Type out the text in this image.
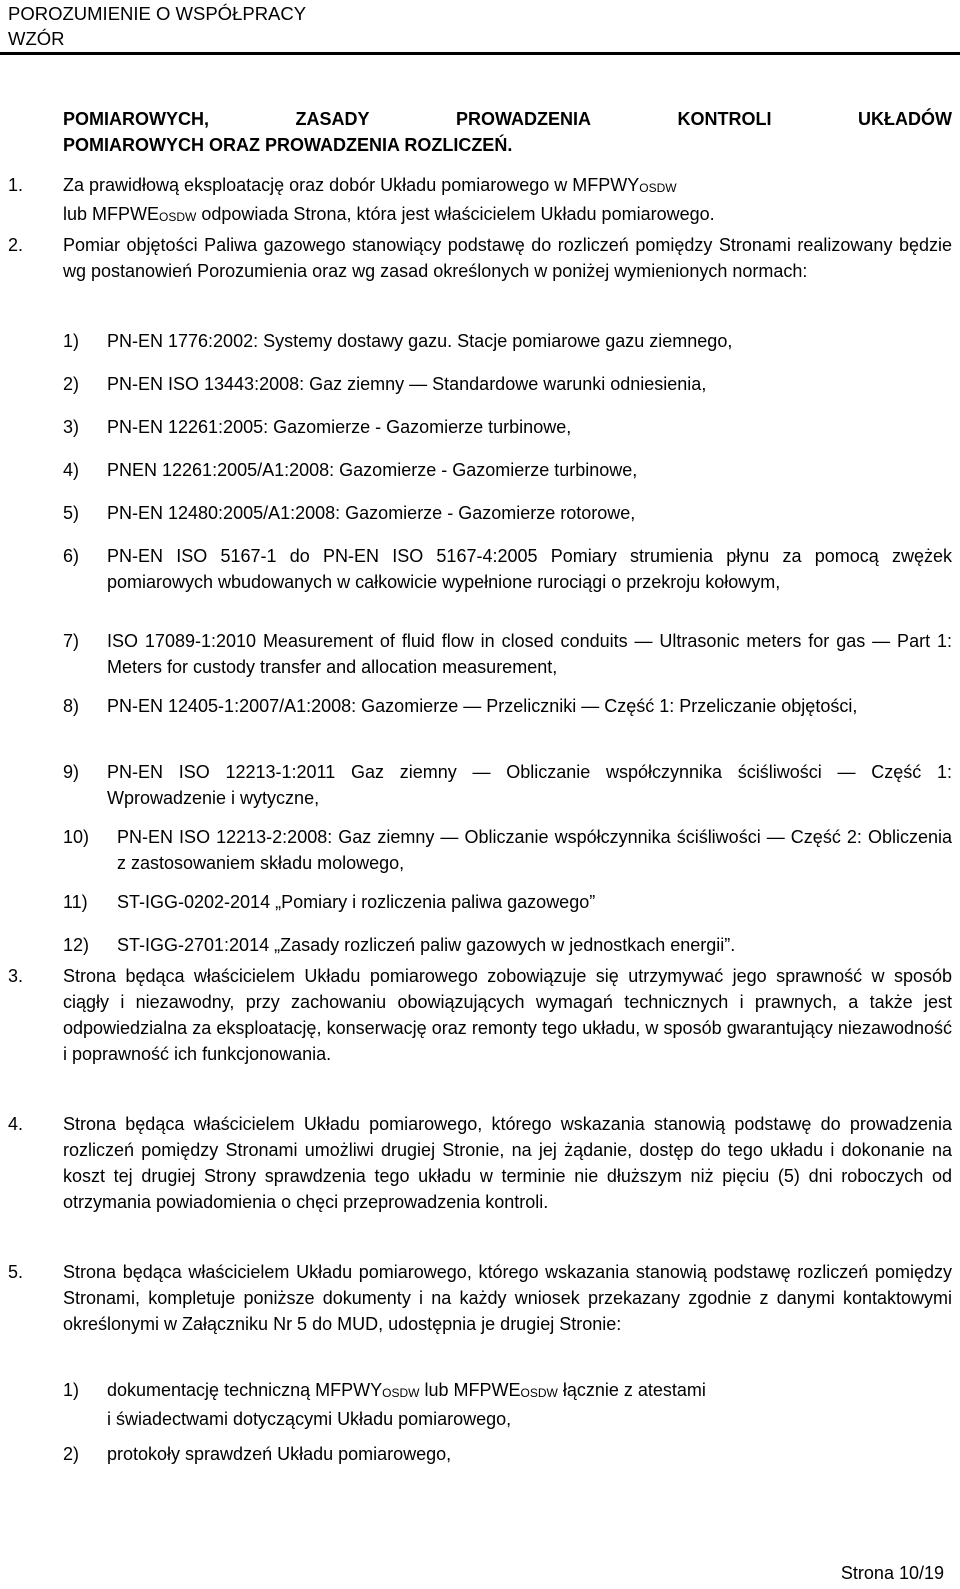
POROZUMIENIE O WSPÓŁPRACY
WZÓR
POMIAROWYCH,	ZASADY	PROWADZENIA	KONTROLI	UKŁADÓW
POMIAROWYCH ORAZ PROWADZENIA ROZLICZEŃ.
1. Za prawidłową eksploatację oraz dobór Układu pomiarowego w $MFPWY_{OSDW}$
lub $MFPWE_{OSDW}$ odpowiada Strona, która jest właścicielem Układu pomiarowego.
2. Pomiar objętości Paliwa gazowego stanowiący podstawę do rozliczeń pomiędzy Stronami realizowany będzie wg postanowień Porozumienia oraz wg zasad określonych w poniżej wymienionych normach:
1) PN-EN 1776:2002: Systemy dostawy gazu. Stacje pomiarowe gazu ziemnego,
2) PN-EN ISO 13443:2008: Gaz ziemny — Standardowe warunki odniesienia,
3) PN-EN 12261:2005: Gazomierze - Gazomierze turbinowe,
4) PNEN 12261:2005/A1:2008: Gazomierze - Gazomierze turbinowe,
5) PN-EN 12480:2005/A1:2008: Gazomierze - Gazomierze rotorowe,
6) PN-EN ISO 5167-1 do PN-EN ISO 5167-4:2005 Pomiary strumienia płynu za pomocą zwężek pomiarowych wbudowanych w całkowicie wypełnione rurociągi o przekroju kołowym,
7) ISO 17089-1:2010 Measurement of fluid flow in closed conduits — Ultrasonic meters for gas — Part 1: Meters for custody transfer and allocation measurement,
8) PN-EN 12405-1:2007/A1:2008: Gazomierze — Przeliczniki — Część 1: Przeliczanie objętości,
9) PN-EN ISO 12213-1:2011 Gaz ziemny — Obliczanie współczynnika ściśliwości — Część 1: Wprowadzenie i wytyczne,
10) PN-EN ISO 12213-2:2008: Gaz ziemny — Obliczanie współczynnika ściśliwości — Część 2: Obliczenia z zastosowaniem składu molowego,
11) ST-IGG-0202-2014 „Pomiary i rozliczenia paliwa gazowego”
12) ST-IGG-2701:2014 „Zasady rozliczeń paliw gazowych w jednostkach energii”.
3. Strona będąca właścicielem Układu pomiarowego zobowiązuje się utrzymywać jego sprawność w sposób ciągły i niezawodny, przy zachowaniu obowiązujących wymagań technicznych i prawnych, a także jest odpowiedzialna za eksploatację, konserwację oraz remonty tego układu, w sposób gwarantujący niezawodność i poprawność ich funkcjonowania.
4. Strona będąca właścicielem Układu pomiarowego, którego wskazania stanowią podstawę do prowadzenia rozliczeń pomiędzy Stronami umożliwi drugiej Stronie, na jej żądanie, dostęp do tego układu i dokonanie na koszt tej drugiej Strony sprawdzenia tego układu w terminie nie dłuższym niż pięciu (5) dni roboczych od otrzymania powiadomienia o chęci przeprowadzenia kontroli.
5. Strona będąca właścicielem Układu pomiarowego, którego wskazania stanowią podstawę rozliczeń pomiędzy Stronami, kompletuje poniższe dokumenty i na każdy wniosek przekazany zgodnie z danymi kontaktowymi określonymi w Załączniku Nr 5 do MUD, udostępnia je drugiej Stronie:
1) dokumentację techniczną $MFPWY_{OSDW}$ lub $MFPWE_{OSDW}$ łącznie z atestami
i świadectwami dotyczącymi Układu pomiarowego,
2) protokoły sprawdzeń Układu pomiarowego,
Strona 10/19
